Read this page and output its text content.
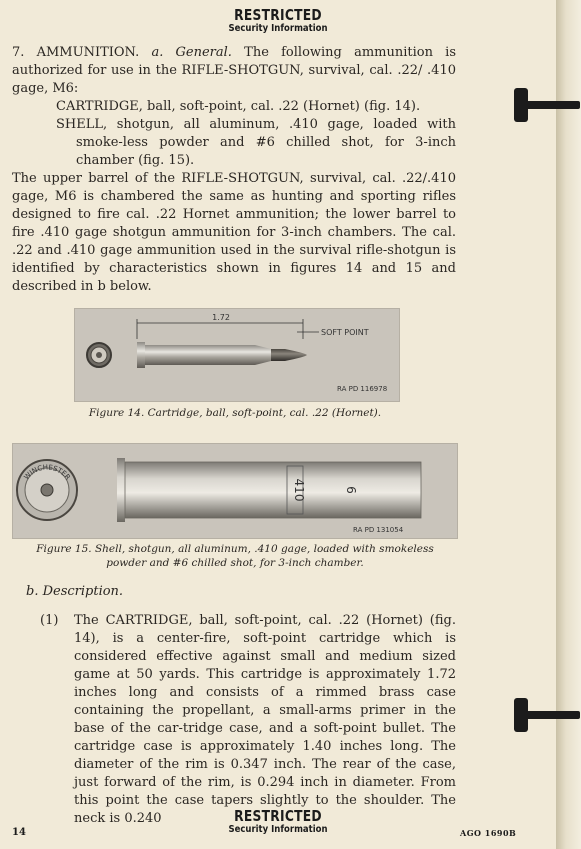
RESTRICTED
Security Information
7. AMMUNITION. a. General. The following ammunition is authorized for use in the RIFLE-SHOTGUN, survival, cal. .22/ .410 gage, M6:
CARTRIDGE, ball, soft-point, cal. .22 (Hornet) (fig. 14).
SHELL, shotgun, all aluminum, .410 gage, loaded with smoke-less powder and #6 chilled shot, for 3-inch chamber (fig. 15).
The upper barrel of the RIFLE-SHOTGUN, survival, cal. .22/.410 gage, M6 is chambered the same as hunting and sporting rifles designed to fire cal. .22 Hornet ammunition; the lower barrel to fire .410 gage shotgun ammunition for 3-inch chambers. The cal. .22 and .410 gage ammunition used in the survival rifle-shotgun is identified by characteristics shown in figures 14 and 15 and described in b below.
1.72
SOFT POINT
RA PD 116978
Figure 14. Cartridge, ball, soft-point, cal. .22 (Hornet).
WINCHESTER
410	6
RA PD 131054
Figure 15. Shell, shotgun, all aluminum, .410 gage, loaded with smokeless powder and #6 chilled shot, for 3-inch chamber.
b. Description.
(1)	The CARTRIDGE, ball, soft-point, cal. .22 (Hornet) (fig. 14), is a center-fire, soft-point cartridge which is considered effective against small and medium sized game at 50 yards. This cartridge is approximately 1.72 inches long and consists of a rimmed brass case containing the propellant, a small-arms primer in the base of the car-tridge case, and a soft-point bullet. The cartridge case is approximately 1.40 inches long. The diameter of the rim is 0.347 inch. The rear of the case, just forward of the rim, is 0.294 inch in diameter. From this point the case tapers slightly to the shoulder. The neck is 0.240	RESTRICTED
Security Information
14	AGO 1690B
